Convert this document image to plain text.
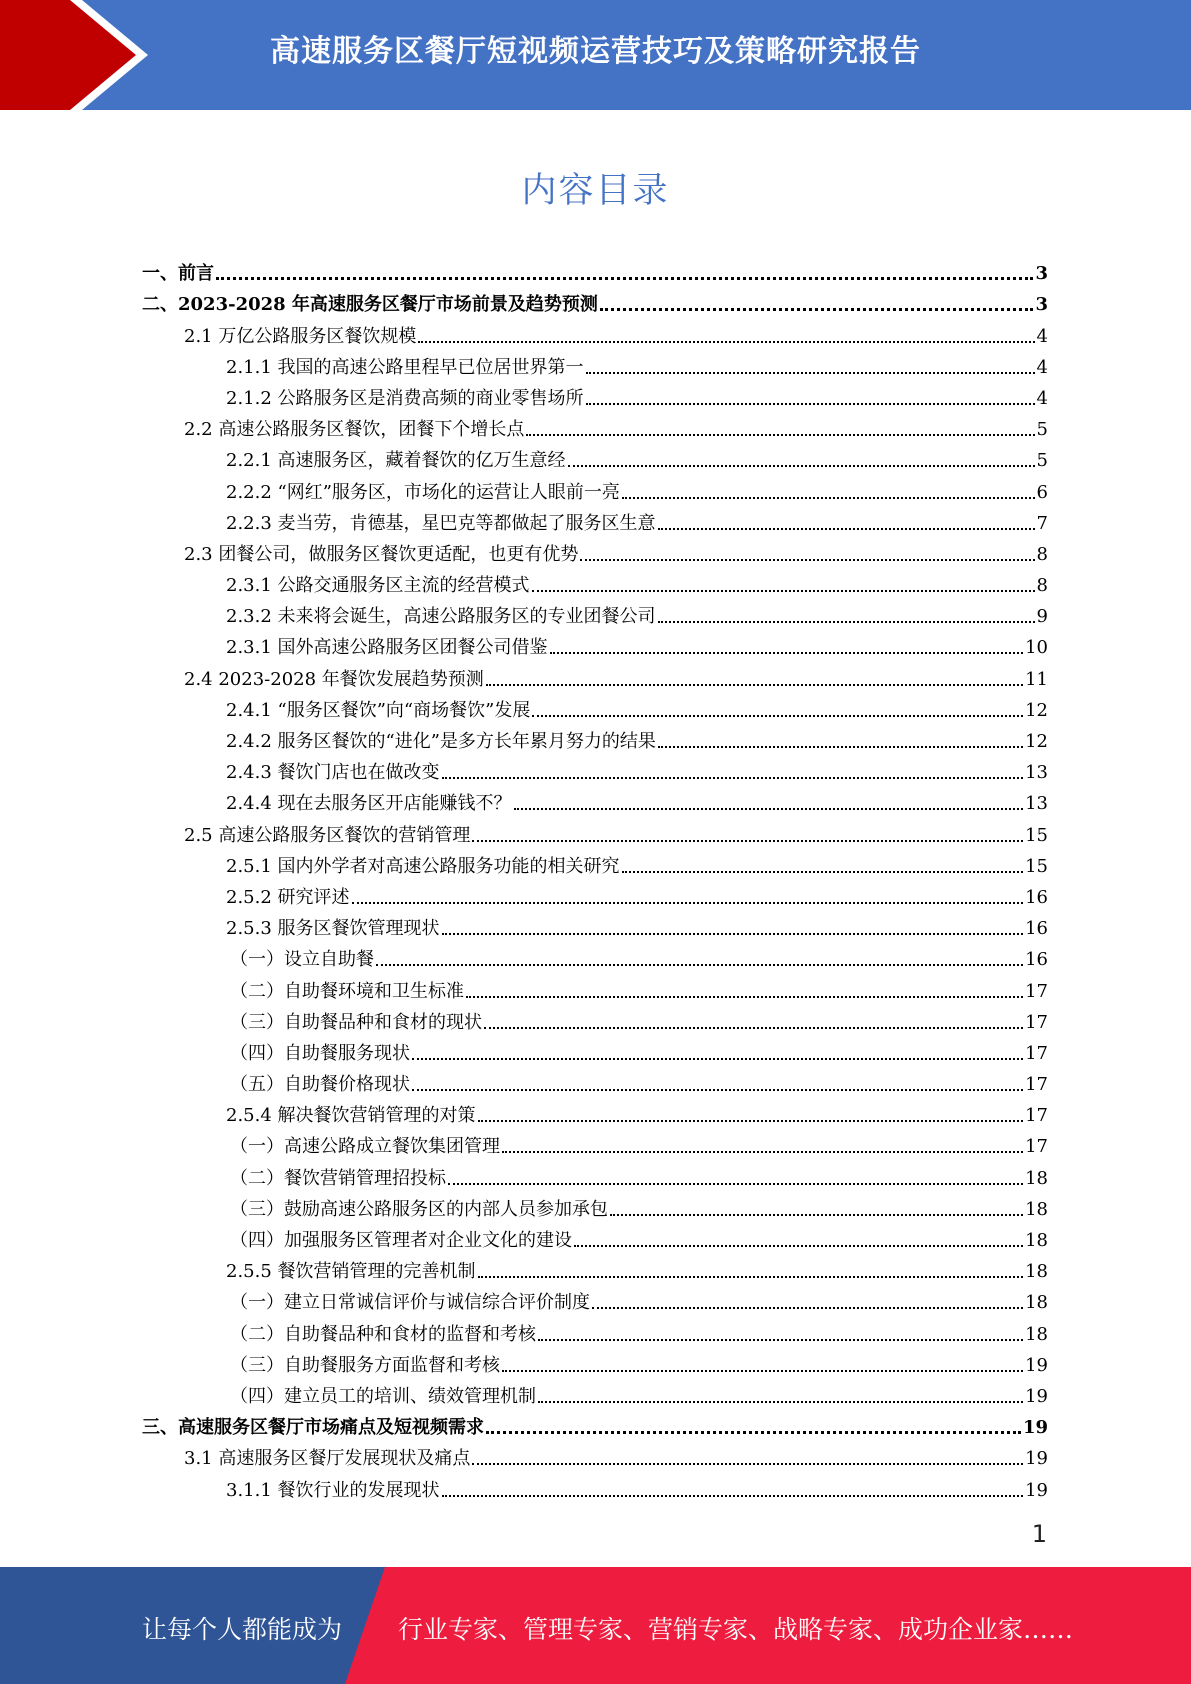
高速服务区餐厅短视频运营技巧及策略研究报告
内容目录
一、前言	3
二、2023-2028 年高速服务区餐厅市场前景及趋势预测	3
2.1 万亿公路服务区餐饮规模	4
2.1.1 我国的高速公路里程早已位居世界第一	4
2.1.2 公路服务区是消费高频的商业零售场所	4
2.2 高速公路服务区餐饮，团餐下个增长点	5
2.2.1 高速服务区，藏着餐饮的亿万生意经	5
2.2.2 “网红”服务区，市场化的运营让人眼前一亮	6
2.2.3 麦当劳，肯德基，星巴克等都做起了服务区生意	7
2.3 团餐公司，做服务区餐饮更适配，也更有优势	8
2.3.1 公路交通服务区主流的经营模式	8
2.3.2 未来将会诞生，高速公路服务区的专业团餐公司	9
2.3.1 国外高速公路服务区团餐公司借鉴	10
2.4 2023-2028 年餐饮发展趋势预测	11
2.4.1 “服务区餐饮”向“商场餐饮”发展	12
2.4.2 服务区餐饮的“进化”是多方长年累月努力的结果	12
2.4.3 餐饮门店也在做改变	13
2.4.4 现在去服务区开店能赚钱不？	13
2.5 高速公路服务区餐饮的营销管理	15
2.5.1 国内外学者对高速公路服务功能的相关研究	15
2.5.2 研究评述	16
2.5.3 服务区餐饮管理现状	16
（一）设立自助餐	16
（二）自助餐环境和卫生标准	17
（三）自助餐品种和食材的现状	17
（四）自助餐服务现状	17
（五）自助餐价格现状	17
2.5.4 解决餐饮营销管理的对策	17
（一）高速公路成立餐饮集团管理	17
（二）餐饮营销管理招投标	18
（三）鼓励高速公路服务区的内部人员参加承包	18
（四）加强服务区管理者对企业文化的建设	18
2.5.5 餐饮营销管理的完善机制	18
（一）建立日常诚信评价与诚信综合评价制度	18
（二）自助餐品种和食材的监督和考核	18
（三）自助餐服务方面监督和考核	19
（四）建立员工的培训、绩效管理机制	19
三、高速服务区餐厅市场痛点及短视频需求	19
3.1 高速服务区餐厅发展现状及痛点	19
3.1.1 餐饮行业的发展现状	19
1
让每个人都能成为 行业专家、管理专家、营销专家、战略专家、成功企业家……
